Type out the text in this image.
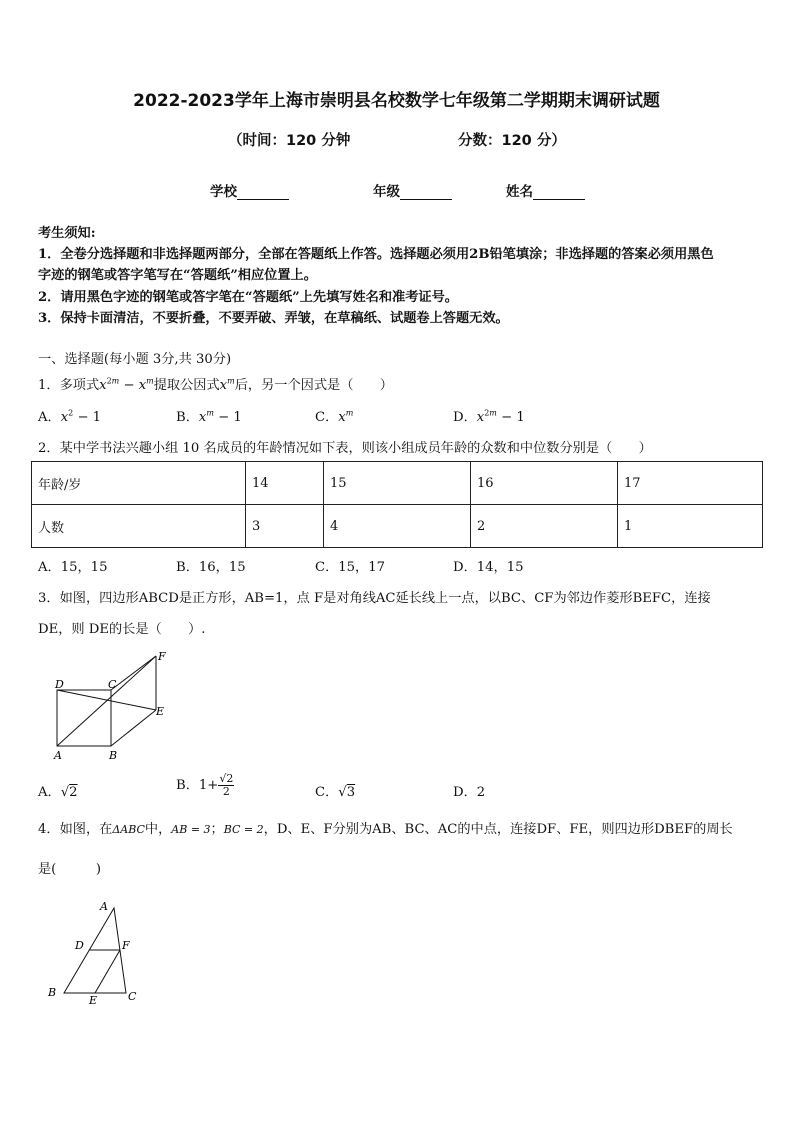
2022-2023学年上海市崇明县名校数学七年级第二学期期末调研试题
（时间：120 分钟	分数：120 分）
学校	年级	姓名
考生须知:
1．全卷分选择题和非选择题两部分，全部在答题纸上作答。选择题必须用2B铅笔填涂；非选择题的答案必须用黑色
字迹的钢笔或答字笔写在“答题纸”相应位置上。
2．请用黑色字迹的钢笔或答字笔在“答题纸”上先填写姓名和准考证号。
3．保持卡面清洁，不要折叠，不要弄破、弄皱，在草稿纸、试题卷上答题无效。
一、选择题(每小题 3分,共 30分)
1．多项式$x^{2m} - x^m$提取公因式$x^m$后，另一个因式是（　　）
A．$x^2 - 1$	B．$x^m - 1$	C．$x^m$	D．$x^{2m} - 1$
2．某中学书法兴趣小组 10 名成员的年龄情况如下表，则该小组成员年龄的众数和中位数分别是（　　）
年龄/岁	14	15	16	17
人数	3	4	2	1
A．15，15	B．16，15	C．15，17	D．14，15
3．如图，四边形ABCD是正方形，AB=1，点 F是对角线AC延长线上一点，以BC、CF为邻边作菱形BEFC，连接
DE，则 DE的长是（　　）.
D	C
F
E
A	B
A．√2	B．$1+ \frac{√2}{2}$	C．√3	D．2
4．如图，在ΔABC中，AB = 3；BC = 2，D、E、F分别为AB、BC、AC的中点，连接DF、FE，则四边形DBEF的周长
是(　　　)
A
D	F
B
E	C
